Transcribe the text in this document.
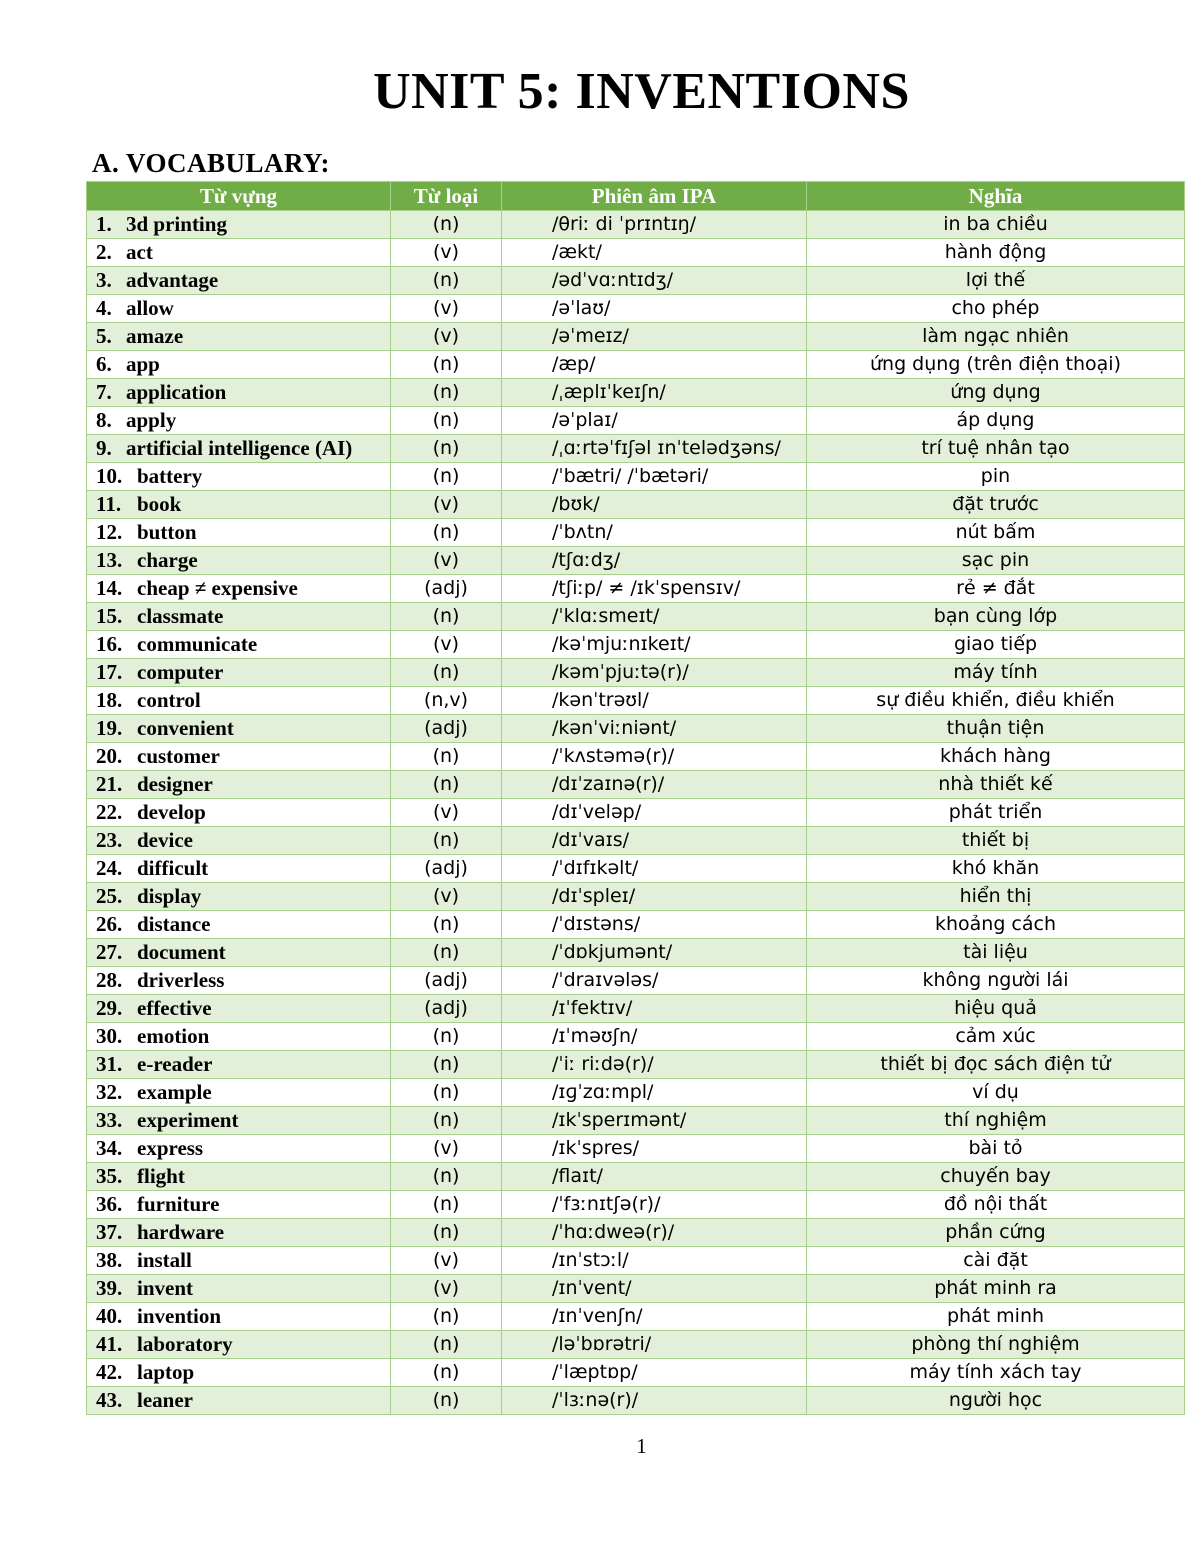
UNIT 5: INVENTIONS
A. VOCABULARY:
Từ vựng	Từ loại	Phiên âm IPA	Nghĩa
1. 3d printing	(n)	/θriː di ˈprɪntɪŋ/	in ba chiều
2. act	(v)	/ækt/	hành động
3. advantage	(n)	/ədˈvɑːntɪdʒ/	lợi thế
4. allow	(v)	/əˈlaʊ/	cho phép
5. amaze	(v)	/əˈmeɪz/	làm ngạc nhiên
6. app	(n)	/æp/	ứng dụng (trên điện thoại)
7. application	(n)	/ˌæplɪˈkeɪʃn/	ứng dụng
8. apply	(n)	/əˈplaɪ/	áp dụng
9. artificial intelligence (AI)	(n)	/ˌɑːrtəˈfɪʃəl ɪnˈtelədʒəns/	trí tuệ nhân tạo
10. battery	(n)	/ˈbætri/ /ˈbætəri/	pin
11. book	(v)	/bʊk/	đặt trước
12. button	(n)	/ˈbʌtn/	nút bấm
13. charge	(v)	/tʃɑːdʒ/	sạc pin
14. cheap ≠ expensive	(adj)	/tʃiːp/ ≠ /ɪkˈspensɪv/	rẻ ≠ đắt
15. classmate	(n)	/ˈklɑːsmeɪt/	bạn cùng lớp
16. communicate	(v)	/kəˈmjuːnɪkeɪt/	giao tiếp
17. computer	(n)	/kəmˈpjuːtə(r)/	máy tính
18. control	(n,v)	/kənˈtrəʊl/	sự điều khiển, điều khiển
19. convenient	(adj)	/kənˈviːniənt/	thuận tiện
20. customer	(n)	/ˈkʌstəmə(r)/	khách hàng
21. designer	(n)	/dɪˈzaɪnə(r)/	nhà thiết kế
22. develop	(v)	/dɪˈveləp/	phát triển
23. device	(n)	/dɪˈvaɪs/	thiết bị
24. difficult	(adj)	/ˈdɪfɪkəlt/	khó khăn
25. display	(v)	/dɪˈspleɪ/	hiển thị
26. distance	(n)	/ˈdɪstəns/	khoảng cách
27. document	(n)	/ˈdɒkjumənt/	tài liệu
28. driverless	(adj)	/ˈdraɪvələs/	không người lái
29. effective	(adj)	/ɪˈfektɪv/	hiệu quả
30. emotion	(n)	/ɪˈməʊʃn/	cảm xúc
31. e-reader	(n)	/ˈiː riːdə(r)/	thiết bị đọc sách điện tử
32. example	(n)	/ɪɡˈzɑːmpl/	ví dụ
33. experiment	(n)	/ɪkˈsperɪmənt/	thí nghiệm
34. express	(v)	/ɪkˈspres/	bài tỏ
35. flight	(n)	/flaɪt/	chuyến bay
36. furniture	(n)	/ˈfɜːnɪtʃə(r)/	đồ nội thất
37. hardware	(n)	/ˈhɑːdweə(r)/	phần cứng
38. install	(v)	/ɪnˈstɔːl/	cài đặt
39. invent	(v)	/ɪnˈvent/	phát minh ra
40. invention	(n)	/ɪnˈvenʃn/	phát minh
41. laboratory	(n)	/ləˈbɒrətri/	phòng thí nghiệm
42. laptop	(n)	/ˈlæptɒp/	máy tính xách tay
43. leaner	(n)	/ˈlɜːnə(r)/	người học
1
